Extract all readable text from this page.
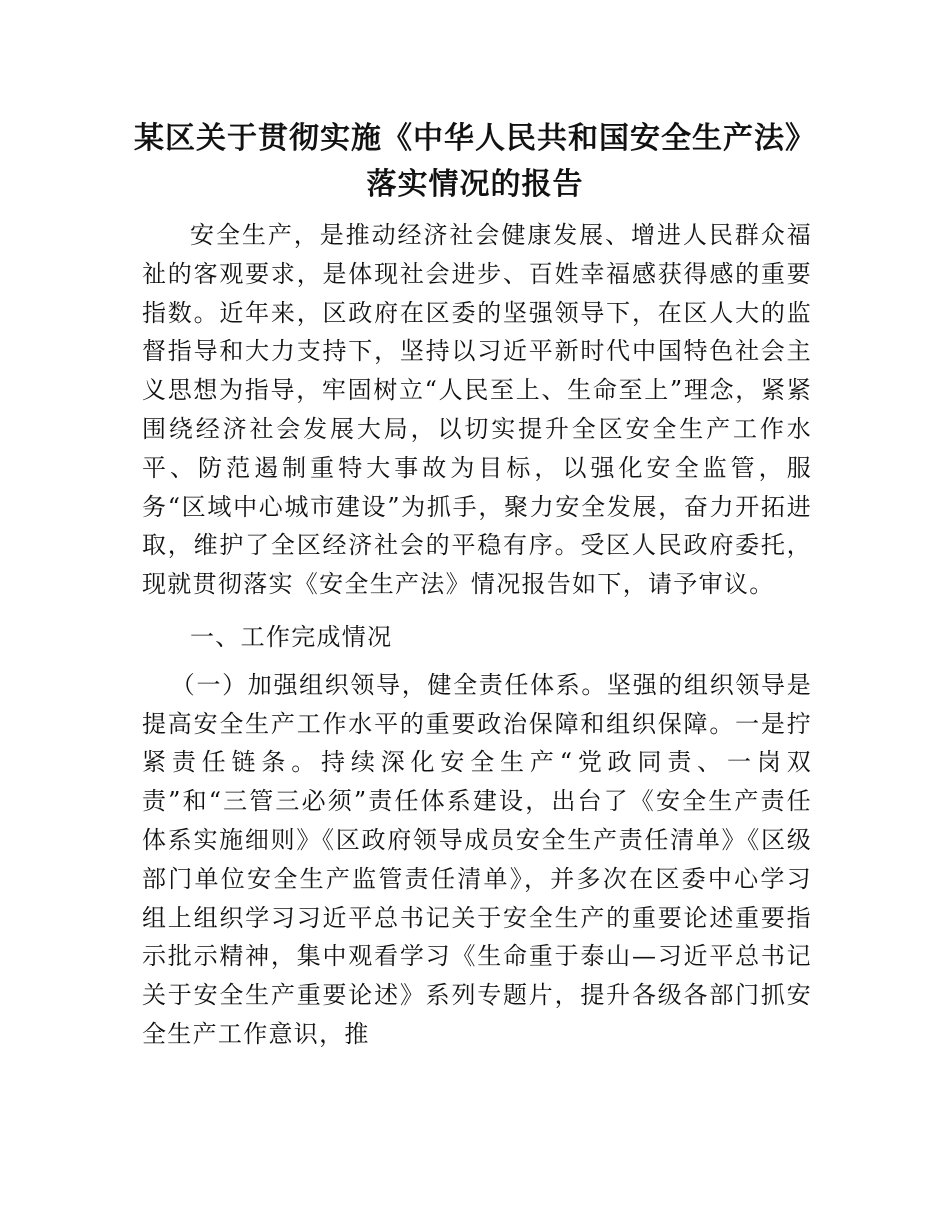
某区关于贯彻实施《中华人民共和国安全生产法》落实情况的报告

安全生产，是推动经济社会健康发展、增进人民群众福祉的客观要求，是体现社会进步、百姓幸福感获得感的重要指数。近年来，区政府在区委的坚强领导下，在区人大的监督指导和大力支持下，坚持以习近平新时代中国特色社会主义思想为指导，牢固树立“人民至上、生命至上”理念，紧紧围绕经济社会发展大局，以切实提升全区安全生产工作水平、防范遏制重特大事故为目标，以强化安全监管，服务“区域中心城市建设”为抓手，聚力安全发展，奋力开拓进取，维护了全区经济社会的平稳有序。受区人民政府委托，现就贯彻落实《安全生产法》情况报告如下，请予审议。

一、工作完成情况

（一）加强组织领导，健全责任体系。坚强的组织领导是提高安全生产工作水平的重要政治保障和组织保障。一是拧紧责任链条。持续深化安全生产“党政同责、一岗双责”和“三管三必须”责任体系建设，出台了《安全生产责任体系实施细则》《区政府领导成员安全生产责任清单》《区级部门单位安全生产监管责任清单》，并多次在区委中心学习组上组织学习习近平总书记关于安全生产的重要论述重要指示批示精神，集中观看学习《生命重于泰山—习近平总书记关于安全生产重要论述》系列专题片，提升各级各部门抓安全生产工作意识，推
